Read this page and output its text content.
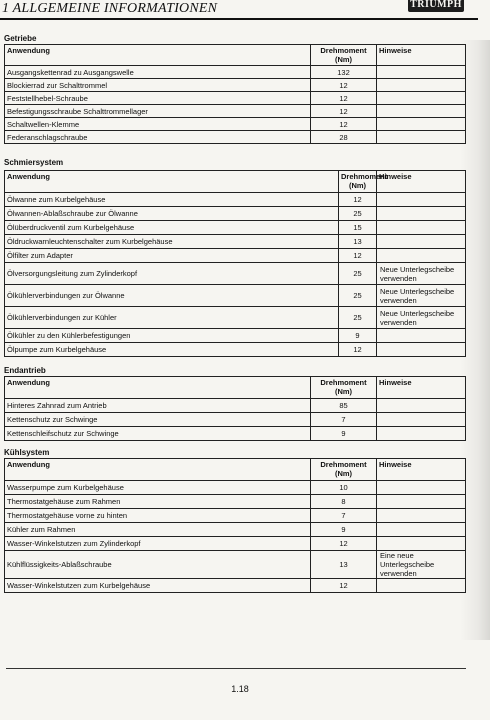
1 ALLGEMEINE INFORMATIONEN	TRIUMPH
Getriebe
Anwendung	Drehmoment (Nm)	Hinweise
Ausgangskettenrad zu Ausgangswelle	132	
Blockierrad zur Schalttrommel	12	
Feststellhebel-Schraube	12	
Befestigungsschraube Schalttrommellager	12	
Schaltwellen-Klemme	12	
Federanschlagschraube	28	
Schmiersystem
Anwendung	Drehmoment (Nm)	Hinweise
Ölwanne zum Kurbelgehäuse	12	
Ölwannen-Ablaßschraube zur Ölwanne	25	
Ölüberdruckventil zum Kurbelgehäuse	15	
Öldruckwarnleuchtenschalter zum Kurbelgehäuse	13	
Ölfilter zum Adapter	12	
Ölversorgungsleitung zum Zylinderkopf	25	Neue Unterlegscheibe verwenden
Ölkühlerverbindungen zur Ölwanne	25	Neue Unterlegscheibe verwenden
Ölkühlerverbindungen zur Kühler	25	Neue Unterlegscheibe verwenden
Ölkühler zu den Kühlerbefestigungen	9	
Ölpumpe zum Kurbelgehäuse	12	
Endantrieb
Anwendung	Drehmoment (Nm)	Hinweise
Hinteres Zahnrad zum Antrieb	85	
Kettenschutz zur Schwinge	7	
Kettenschleifschutz zur Schwinge	9	
Kühlsystem
Anwendung	Drehmoment (Nm)	Hinweise
Wasserpumpe zum Kurbelgehäuse	10	
Thermostatgehäuse zum Rahmen	8	
Thermostatgehäuse vorne zu hinten	7	
Kühler zum Rahmen	9	
Wasser-Winkelstutzen zum Zylinderkopf	12	
Kühlflüssigkeits-Ablaßschraube	13	Eine neue Unterlegscheibe verwenden
Wasser-Winkelstutzen zum Kurbelgehäuse	12	
1.18
